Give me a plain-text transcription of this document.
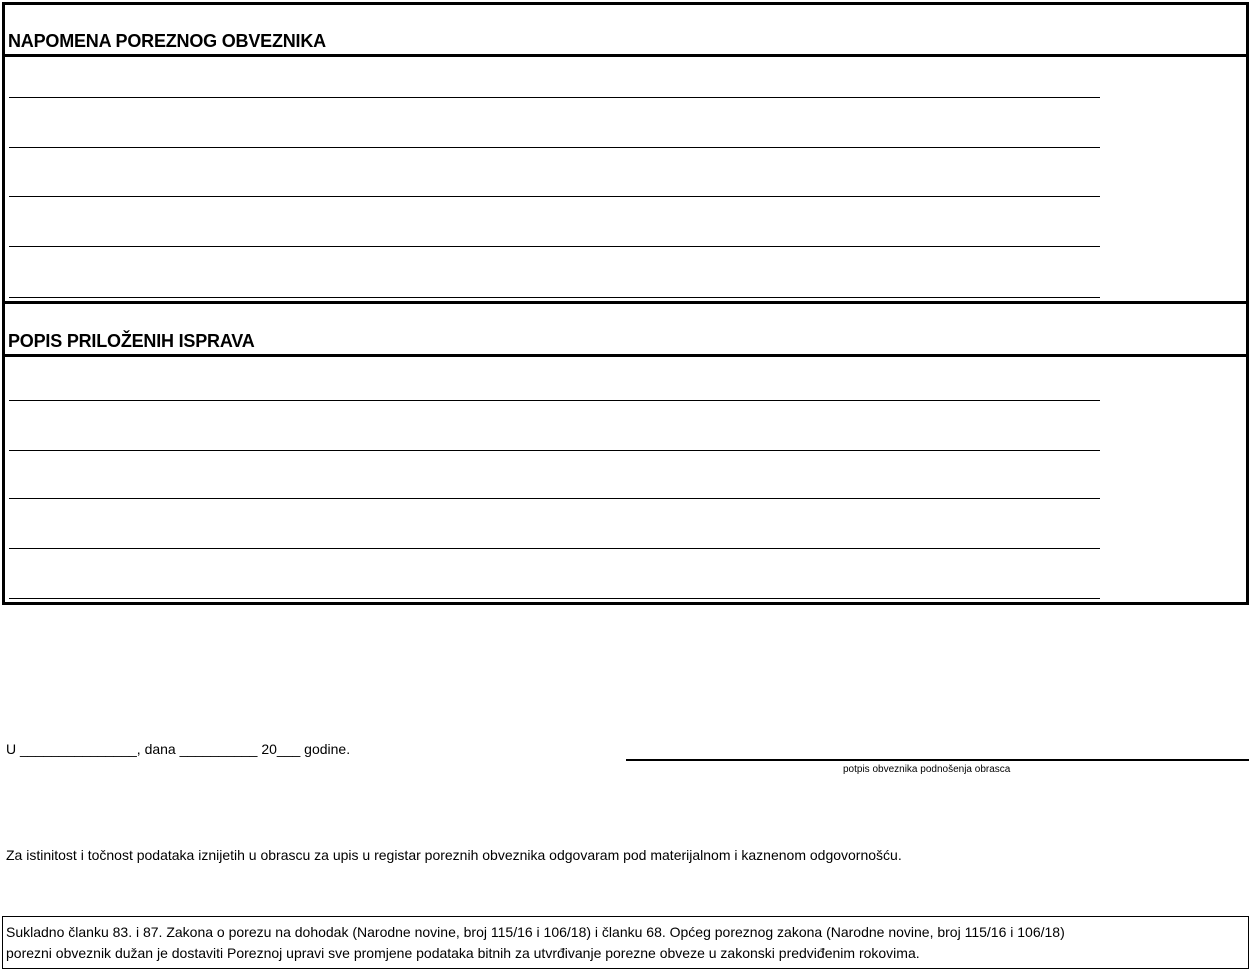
NAPOMENA POREZNOG OBVEZNIKA
POPIS PRILOŽENIH ISPRAVA
U _______________, dana __________ 20___ godine.
potpis obveznika podnošenja obrasca
Za istinitost i točnost podataka iznijetih u obrascu za upis u registar poreznih obveznika odgovaram pod materijalnom i kaznenom odgovornošću.
Sukladno članku 83. i 87. Zakona o porezu na dohodak (Narodne novine, broj 115/16 i 106/18) i članku 68. Općeg poreznog zakona (Narodne novine, broj 115/16 i 106/18)
porezni obveznik dužan je dostaviti Poreznoj upravi sve promjene podataka bitnih za utvrđivanje porezne obveze u zakonski predviđenim rokovima.
